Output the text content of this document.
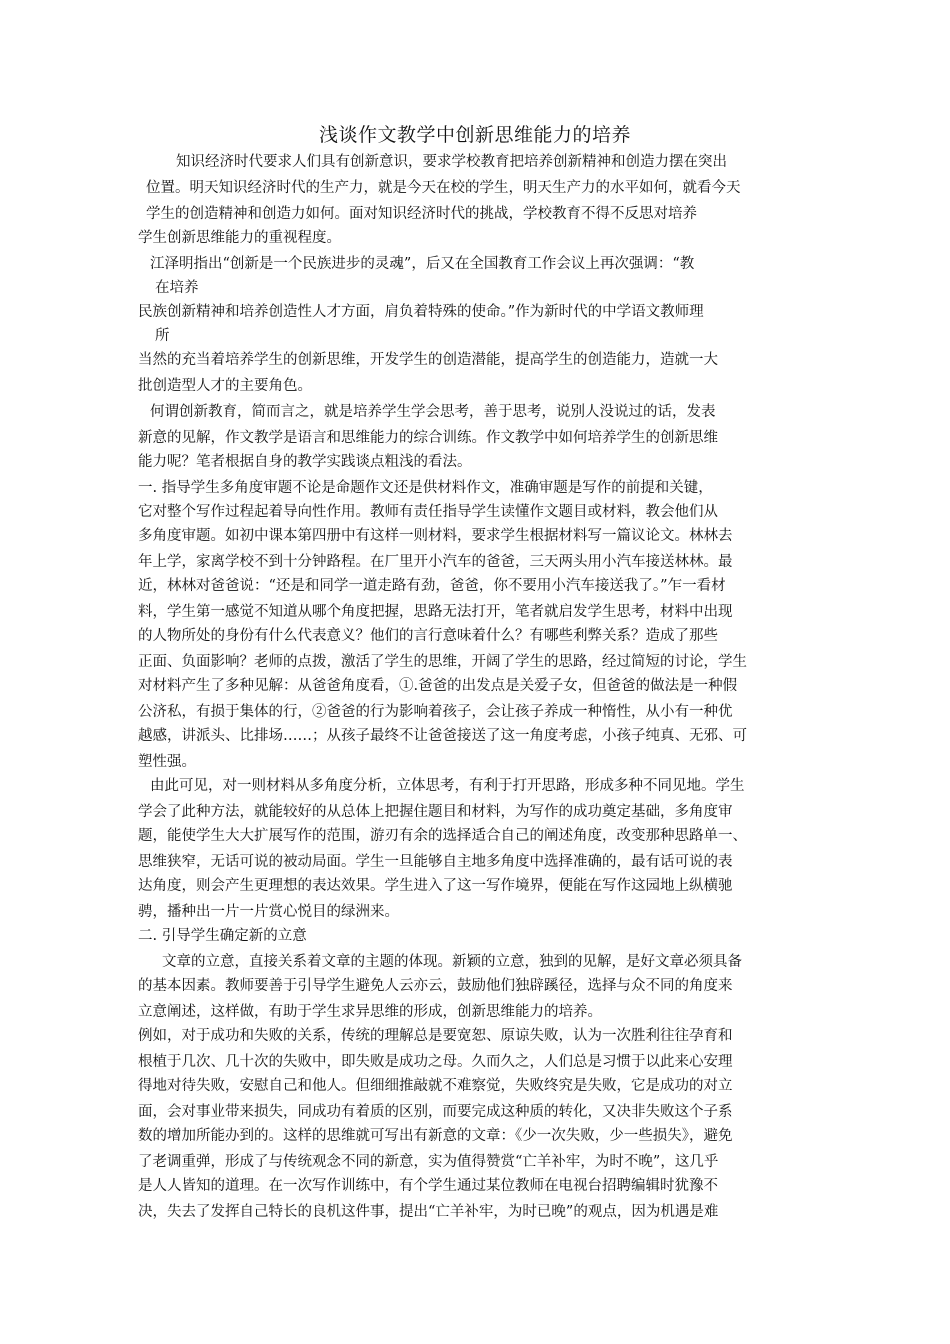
浅谈作文教学中创新思维能力的培养
知识经济时代要求人们具有创新意识，要求学校教育把培养创新精神和创造力摆在突出
位置。明天知识经济时代的生产力，就是今天在校的学生，明天生产力的水平如何，就看今天
学生的创造精神和创造力如何。面对知识经济时代的挑战，学校教育不得不反思对培养
学生创新思维能力的重视程度。
江泽明指出“创新是一个民族进步的灵魂”，后又在全国教育工作会议上再次强调：“教
在培养
民族创新精神和培养创造性人才方面，肩负着特殊的使命。”作为新时代的中学语文教师理
所
当然的充当着培养学生的创新思维，开发学生的创造潜能，提高学生的创造能力，造就一大
批创造型人才的主要角色。
何谓创新教育，简而言之，就是培养学生学会思考，善于思考，说别人没说过的话，发表
新意的见解，作文教学是语言和思维能力的综合训练。作文教学中如何培养学生的创新思维
能力呢？笔者根据自身的教学实践谈点粗浅的看法。
一. 指导学生多角度审题不论是命题作文还是供材料作文，准确审题是写作的前提和关键，
它对整个写作过程起着导向性作用。教师有责任指导学生读懂作文题目或材料，教会他们从
多角度审题。如初中课本第四册中有这样一则材料，要求学生根据材料写一篇议论文。林林去
年上学，家离学校不到十分钟路程。在厂里开小汽车的爸爸，三天两头用小汽车接送林林。最
近，林林对爸爸说：“还是和同学一道走路有劲，爸爸，你不要用小汽车接送我了。”乍一看材
料，学生第一感觉不知道从哪个角度把握，思路无法打开，笔者就启发学生思考，材料中出现
的人物所处的身份有什么代表意义？他们的言行意味着什么？有哪些利弊关系？造成了那些
正面、负面影响？老师的点拨，激活了学生的思维，开阔了学生的思路，经过简短的讨论，学生
对材料产生了多种见解：从爸爸角度看，①.爸爸的出发点是关爱子女，但爸爸的做法是一种假
公济私，有损于集体的行，②爸爸的行为影响着孩子，会让孩子养成一种惰性，从小有一种优
越感，讲派头、比排场……；从孩子最终不让爸爸接送了这一角度考虑，小孩子纯真、无邪、可
塑性强。
由此可见，对一则材料从多角度分析，立体思考，有利于打开思路，形成多种不同见地。学生
学会了此种方法，就能较好的从总体上把握住题目和材料，为写作的成功奠定基础，多角度审
题，能使学生大大扩展写作的范围，游刃有余的选择适合自己的阐述角度，改变那种思路单一、
思维狭窄，无话可说的被动局面。学生一旦能够自主地多角度中选择准确的，最有话可说的表
达角度，则会产生更理想的表达效果。学生进入了这一写作境界，便能在写作这园地上纵横驰
骋，播种出一片一片赏心悦目的绿洲来。
二. 引导学生确定新的立意
文章的立意，直接关系着文章的主题的体现。新颖的立意，独到的见解，是好文章必须具备
的基本因素。教师要善于引导学生避免人云亦云，鼓励他们独辟蹊径，选择与众不同的角度来
立意阐述，这样做，有助于学生求异思维的形成，创新思维能力的培养。
例如，对于成功和失败的关系，传统的理解总是要宽恕、原谅失败，认为一次胜利往往孕育和
根植于几次、几十次的失败中，即失败是成功之母。久而久之，人们总是习惯于以此来心安理
得地对待失败，安慰自己和他人。但细细推敲就不难察觉，失败终究是失败，它是成功的对立
面，会对事业带来损失，同成功有着质的区别，而要完成这种质的转化，又决非失败这个子系
数的增加所能办到的。这样的思维就可写出有新意的文章：《少一次失败，少一些损失》，避免
了老调重弹，形成了与传统观念不同的新意，实为值得赞赏“亡羊补牢，为时不晚”，这几乎
是人人皆知的道理。在一次写作训练中，有个学生通过某位教师在电视台招聘编辑时犹豫不
决，失去了发挥自己特长的良机这件事，提出“亡羊补牢，为时已晚”的观点，因为机遇是难
